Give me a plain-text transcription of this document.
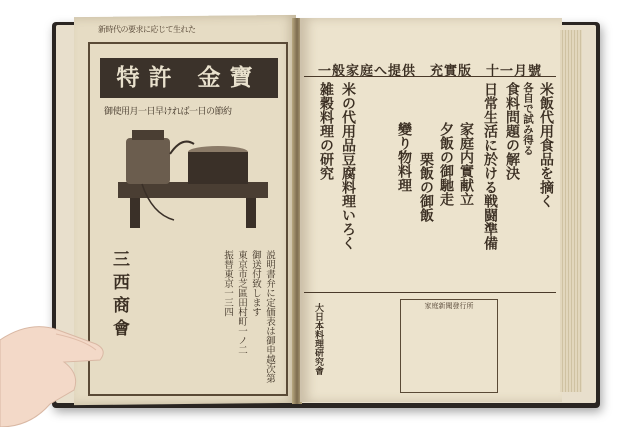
新時代の要求に応じて生れた
特許 金寶
御使用月一日早ければ一日の節約
説明書弁に定価表は御申越次第
御送付致します
東京市芝區田村町一ノ二
振替東京一三四
三西商會
一般家庭へ提供　充實版　十一月號
米飯代用食品を摘く
各自で試み得る
食料問題の解決
日常生活に於ける戦闘準備
家庭内實献立
夕飯の御馳走
栗飯の御飯
變り物料理
米の代用品豆腐料理いろく
雑穀料理の研究
家庭新聞發行所
大日本料理研究會
